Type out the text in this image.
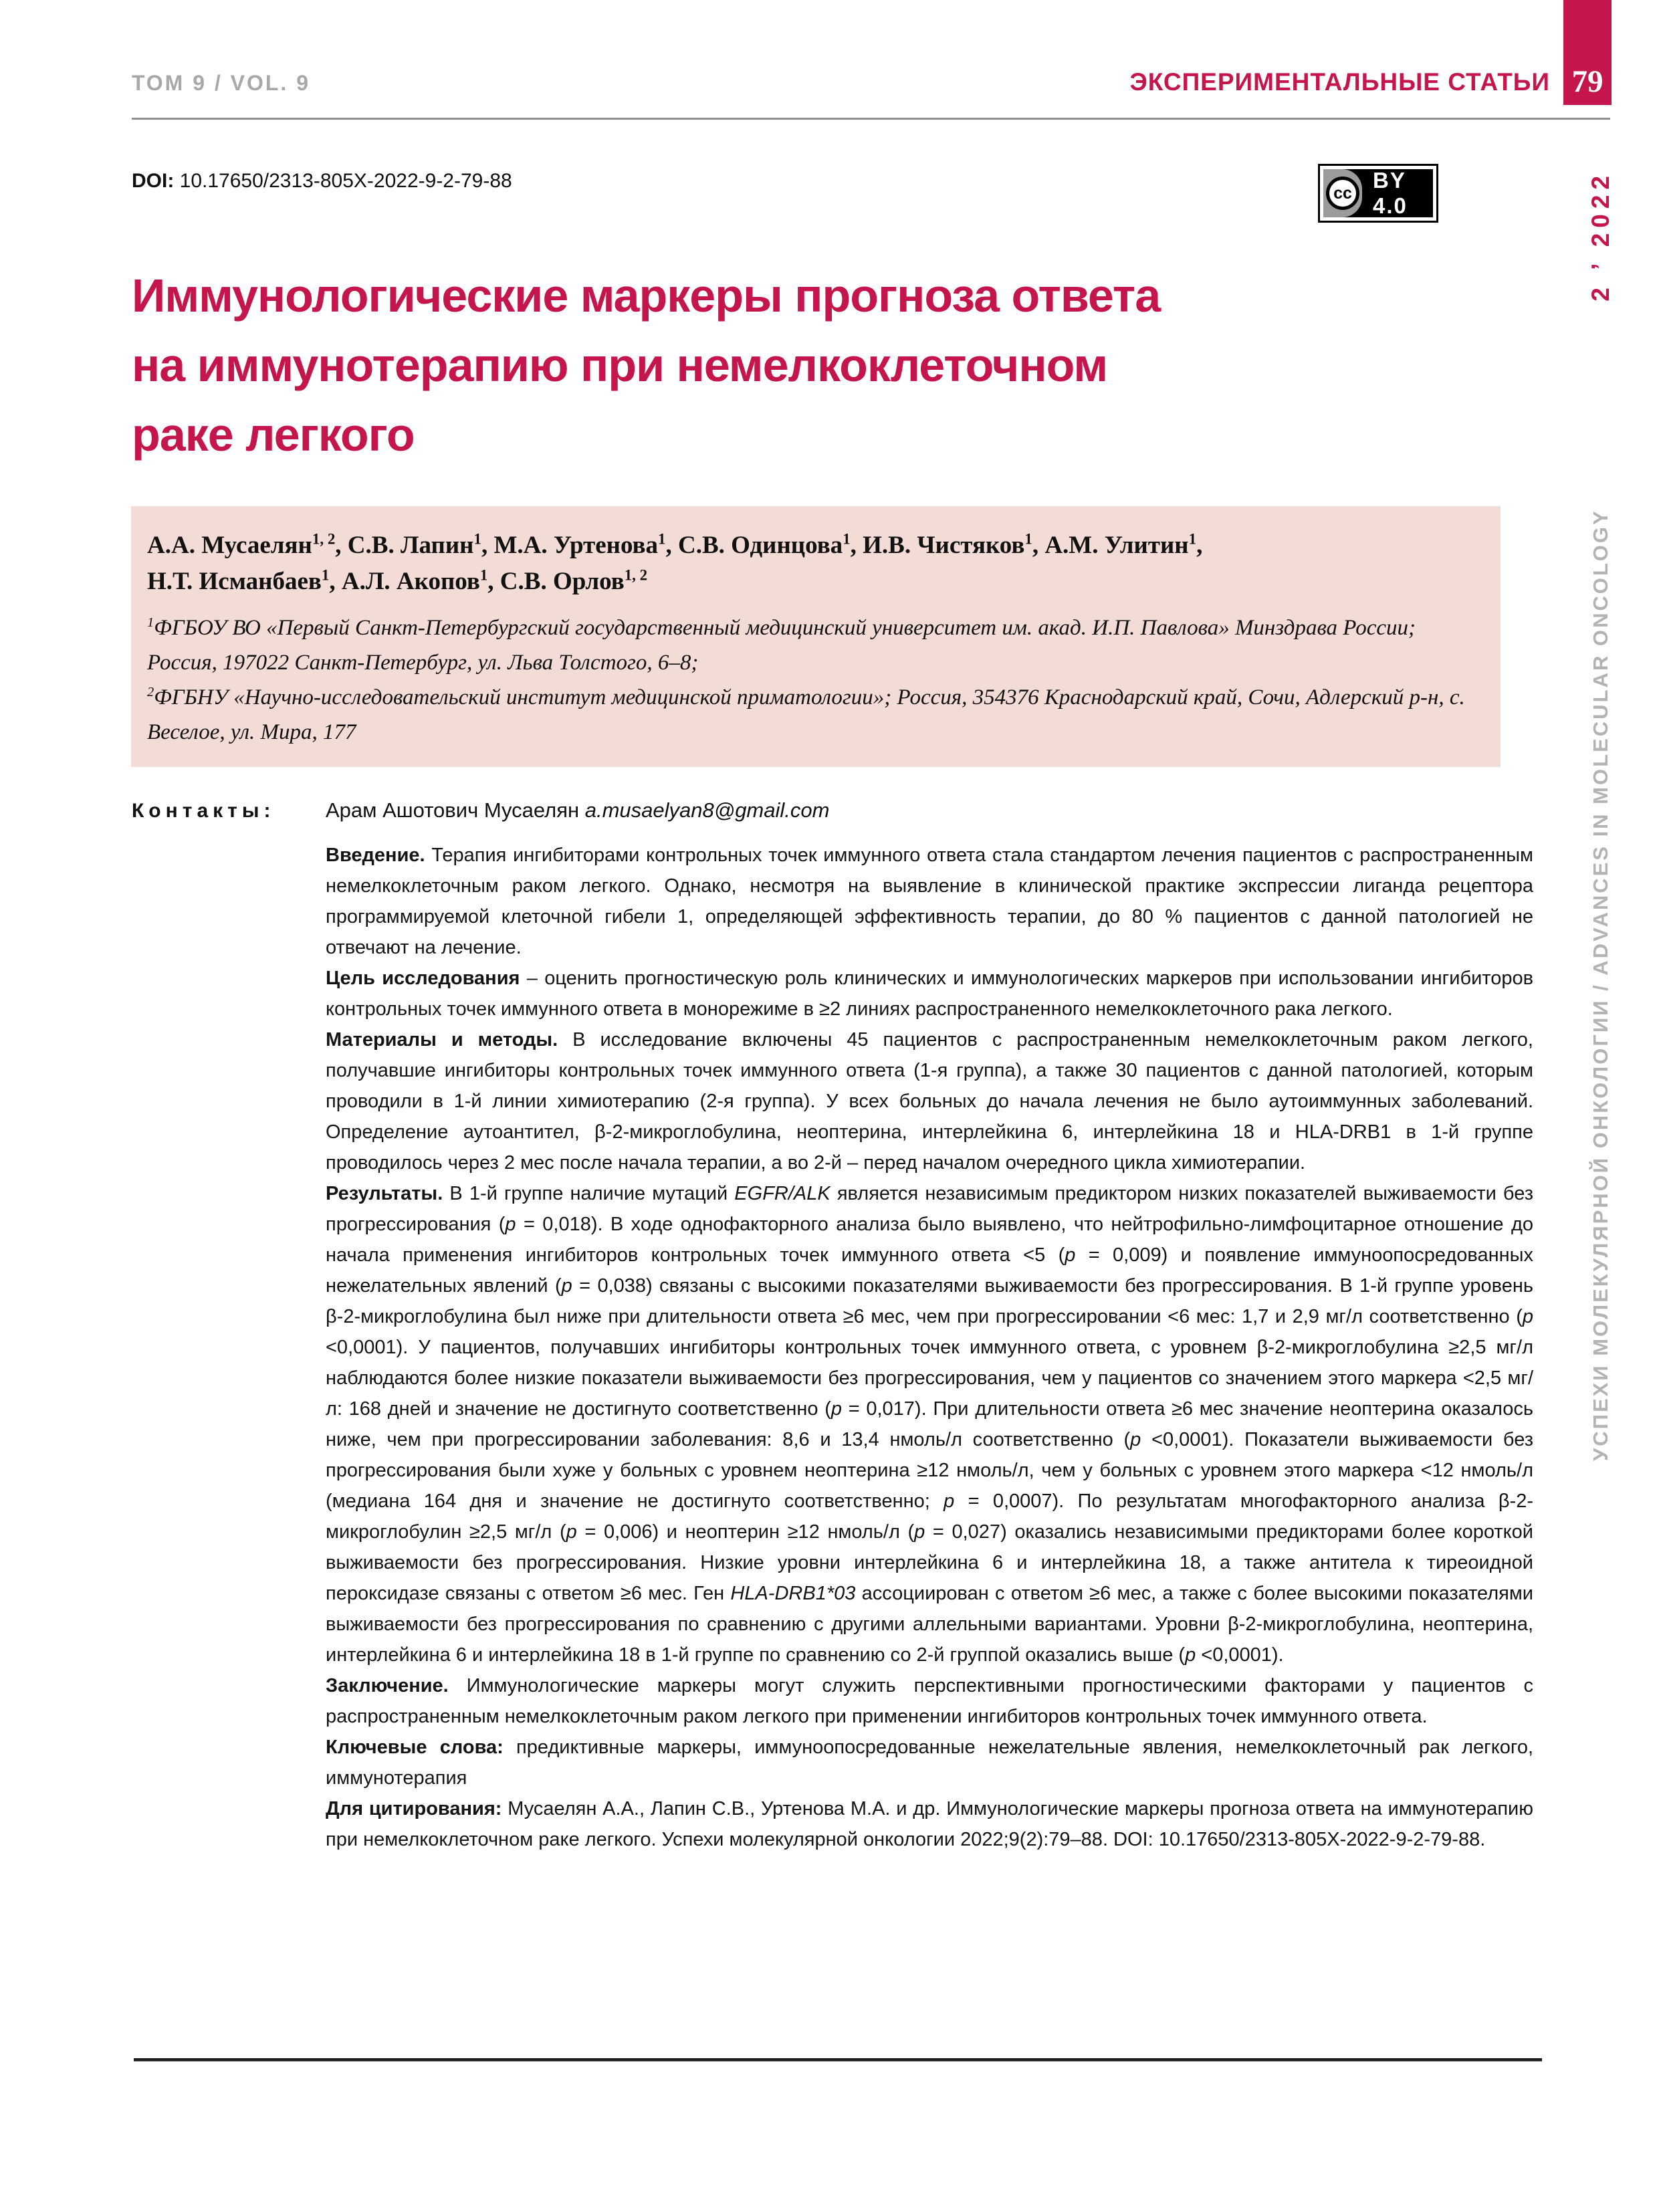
ТОМ 9 / VOL. 9	ЭКСПЕРИМЕНТАЛЬНЫЕ СТАТЬИ 79
DOI: 10.17650/2313-805X-2022-9-2-79-88
cc
BY 4.0
Иммунологические маркеры прогноза ответа
на иммунотерапию при немелкоклеточном
раке легкого

А.А. Мусаелян$^{1, 2}$, С.В. Лапин$^1$, М.А. Уртенова$^1$, С.В. Одинцова$^1$, И.В. Чистяков$^1$, А.М. Улитин$^1$,
Н.Т. Исманбаев$^1$, А.Л. Акопов$^1$, С.В. Орлов$^{1, 2}$

$^1$ФГБОУ ВО «Первый Санкт-Петербургский государственный медицинский университет им. акад. И.П. Павлова» Минздрава России; Россия, 197022 Санкт-Петербург, ул. Льва Толстого, 6–8;

$^2$ФГБНУ «Научно-исследовательский институт медицинской приматологии»; Россия, 354376 Краснодарский край, Сочи, Адлерский р-н, с. Веселое, ул. Мира, 177

Контакты: Арам Ашотович Мусаелян a.musaelyan8@gmail.com

Введение. Терапия ингибиторами контрольных точек иммунного ответа стала стандартом лечения пациентов с распространенным немелкоклеточным раком легкого. Однако, несмотря на выявление в клинической практике экспрессии лиганда рецептора программируемой клеточной гибели 1, определяющей эффективность терапии, до 80 % пациентов с данной патологией не отвечают на лечение.

Цель исследования – оценить прогностическую роль клинических и иммунологических маркеров при использовании ингибиторов контрольных точек иммунного ответа в монорежиме в ≥2 линиях распространенного немелкоклеточного рака легкого.

Материалы и методы. В исследование включены 45 пациентов с распространенным немелкоклеточным раком легкого, получавшие ингибиторы контрольных точек иммунного ответа (1-я группа), а также 30 пациентов с данной патологией, которым проводили в 1-й линии химиотерапию (2-я группа). У всех больных до начала лечения не было аутоиммунных заболеваний. Определение аутоантител, β-2-микроглобулина, неоптерина, интерлейкина 6, интерлейкина 18 и HLA-DRB1 в 1-й группе проводилось через 2 мес после начала терапии, а во 2-й – перед началом очередного цикла химиотерапии.

Результаты. В 1-й группе наличие мутаций EGFR/ALK является независимым предиктором низких показателей выживаемости без прогрессирования (p = 0,018). В ходе однофакторного анализа было выявлено, что нейтрофильно-лимфоцитарное отношение до начала применения ингибиторов контрольных точек иммунного ответа <5 (p = 0,009) и появление иммуноопосредованных нежелательных явлений (p = 0,038) связаны с высокими показателями выживаемости без прогрессирования. В 1-й группе уровень β-2-микроглобулина был ниже при длительности ответа ≥6 мес, чем при прогрессировании <6 мес: 1,7 и 2,9 мг/л соответственно (p <0,0001). У пациентов, получавших ингибиторы контрольных точек иммунного ответа, с уровнем β-2-микроглобулина ≥2,5 мг/л наблюдаются более низкие показатели выживаемости без прогрессирования, чем у пациентов со значением этого маркера <2,5 мг/л: 168 дней и значение не достигнуто соответственно (p = 0,017). При длительности ответа ≥6 мес значение неоптерина оказалось ниже, чем при прогрессировании заболевания: 8,6 и 13,4 нмоль/л соответственно (p <0,0001). Показатели выживаемости без прогрессирования были хуже у больных с уровнем неоптерина ≥12 нмоль/л, чем у больных с уровнем этого маркера <12 нмоль/л (медиана 164 дня и значение не достигнуто соответственно; p = 0,0007). По результатам многофакторного анализа β-2-микроглобулин ≥2,5 мг/л (p = 0,006) и неоптерин ≥12 нмоль/л (p = 0,027) оказались независимыми предикторами более короткой выживаемости без прогрессирования. Низкие уровни интерлейкина 6 и интерлейкина 18, а также антитела к тиреоидной пероксидазе связаны с ответом ≥6 мес. Ген HLA-DRB1*03 ассоциирован с ответом ≥6 мес, а также с более высокими показателями выживаемости без прогрессирования по сравнению с другими аллельными вариантами. Уровни β-2-микроглобулина, неоптерина, интерлейкина 6 и интерлейкина 18 в 1-й группе по сравнению со 2-й группой оказались выше (p <0,0001).

Заключение. Иммунологические маркеры могут служить перспективными прогностическими факторами у пациентов с распространенным немелкоклеточным раком легкого при применении ингибиторов контрольных точек иммунного ответа.

Ключевые слова: предиктивные маркеры, иммуноопосредованные нежелательные явления, немелкоклеточный рак легкого, иммунотерапия

Для цитирования: Мусаелян А.А., Лапин С.В., Уртенова М.А. и др. Иммунологические маркеры прогноза ответа на иммунотерапию при немелкоклеточном раке легкого. Успехи молекулярной онкологии 2022;9(2):79–88. DOI: 10.17650/2313-805X-2022-9-2-79-88.

УСПЕХИ МОЛЕКУЛЯРНОЙ ОНКОЛОГИИ / ADVANCES IN MOLECULAR ONCOLOGY
2 ’ 2022
